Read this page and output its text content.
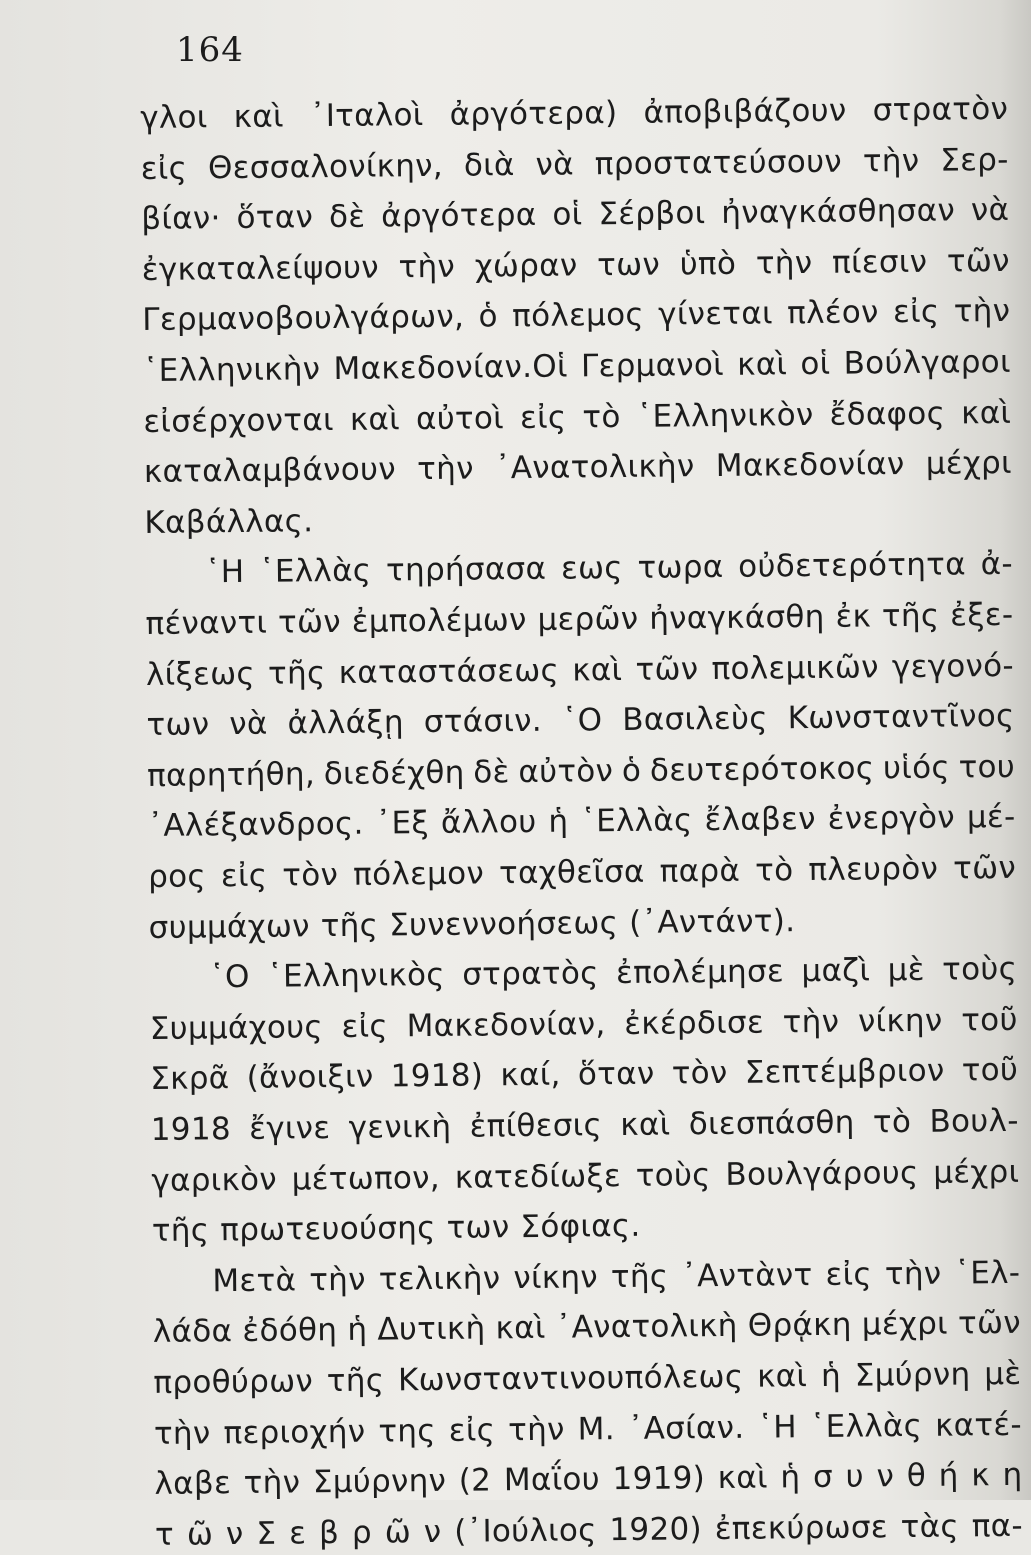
164
γλοι καὶ ᾽Ιταλοὶ ἀργότερα) ἀποβιβάζουν στρατὸν
εἰς Θεσσαλονίκην, διὰ νὰ προστατεύσουν τὴν Σερ-
βίαν· ὅταν δὲ ἀργότερα οἱ Σέρβοι ἠναγκάσθησαν νὰ
ἐγκαταλείψουν τὴν χώραν των ὑπὸ τὴν πίεσιν τῶν
Γερμανοβουλγάρων, ὁ πόλεμος γίνεται πλέον εἰς τὴν
῾Ελληνικὴν Μακεδονίαν.Οἱ Γερμανοὶ καὶ οἱ Βούλγαροι
εἰσέρχονται καὶ αὐτοὶ εἰς τὸ ῾Ελληνικὸν ἔδαφος καὶ
καταλαμβάνουν τὴν ᾽Ανατολικὴν Μακεδονίαν μέχρι
Καβάλλας.
῾Η ῾Ελλὰς τηρήσασα εως τωρα οὐδετερότητα ἀ-
πέναντι τῶν ἐμπολέμων μερῶν ἠναγκάσθη ἐκ τῆς ἐξε-
λίξεως τῆς καταστάσεως καὶ τῶν πολεμικῶν γεγονό-
των νὰ ἀλλάξῃ στάσιν. ῾Ο Βασιλεὺς Κωνσταντῖνος
παρητήθη, διεδέχθη δὲ αὐτὸν ὁ δευτερότοκος υἱός του
᾽Αλέξανδρος. ᾽Εξ ἄλλου ἡ ῾Ελλὰς ἔλαβεν ἐνεργὸν μέ-
ρος εἰς τὸν πόλεμον ταχθεῖσα παρὰ τὸ πλευρὸν τῶν
συμμάχων τῆς Συνεννοήσεως (᾽Αντάντ).
῾Ο ῾Ελληνικὸς στρατὸς ἐπολέμησε μαζὶ μὲ τοὺς
Συμμάχους εἰς Μακεδονίαν, ἐκέρδισε τὴν νίκην τοῦ
Σκρᾶ (ἄνοιξιν 1918) καί, ὅταν τὸν Σεπτέμβριον τοῦ
1918 ἔγινε γενικὴ ἐπίθεσις καὶ διεσπάσθη τὸ Βουλ-
γαρικὸν μέτωπον, κατεδίωξε τοὺς Βουλγάρους μέχρι
τῆς πρωτευούσης των Σόφιας.
Μετὰ τὴν τελικὴν νίκην τῆς ᾽Αντὰντ εἰς τὴν ῾Ελ-
λάδα ἐδόθη ἡ Δυτικὴ καὶ ᾽Ανατολικὴ Θρᾴκη μέχρι τῶν
προθύρων τῆς Κωνσταντινουπόλεως καὶ ἡ Σμύρνη μὲ
τὴν περιοχήν της εἰς τὴν Μ. ᾽Ασίαν. ῾Η ῾Ελλὰς κατέ-
λαβε τὴν Σμύρνην (2 Μαΐου 1919) καὶ ἡ σ υ ν θ ή κ η
τ ῶ ν Σ ε β ρ ῶ ν (᾽Ιούλιος 1920) ἐπεκύρωσε τὰς πα-
